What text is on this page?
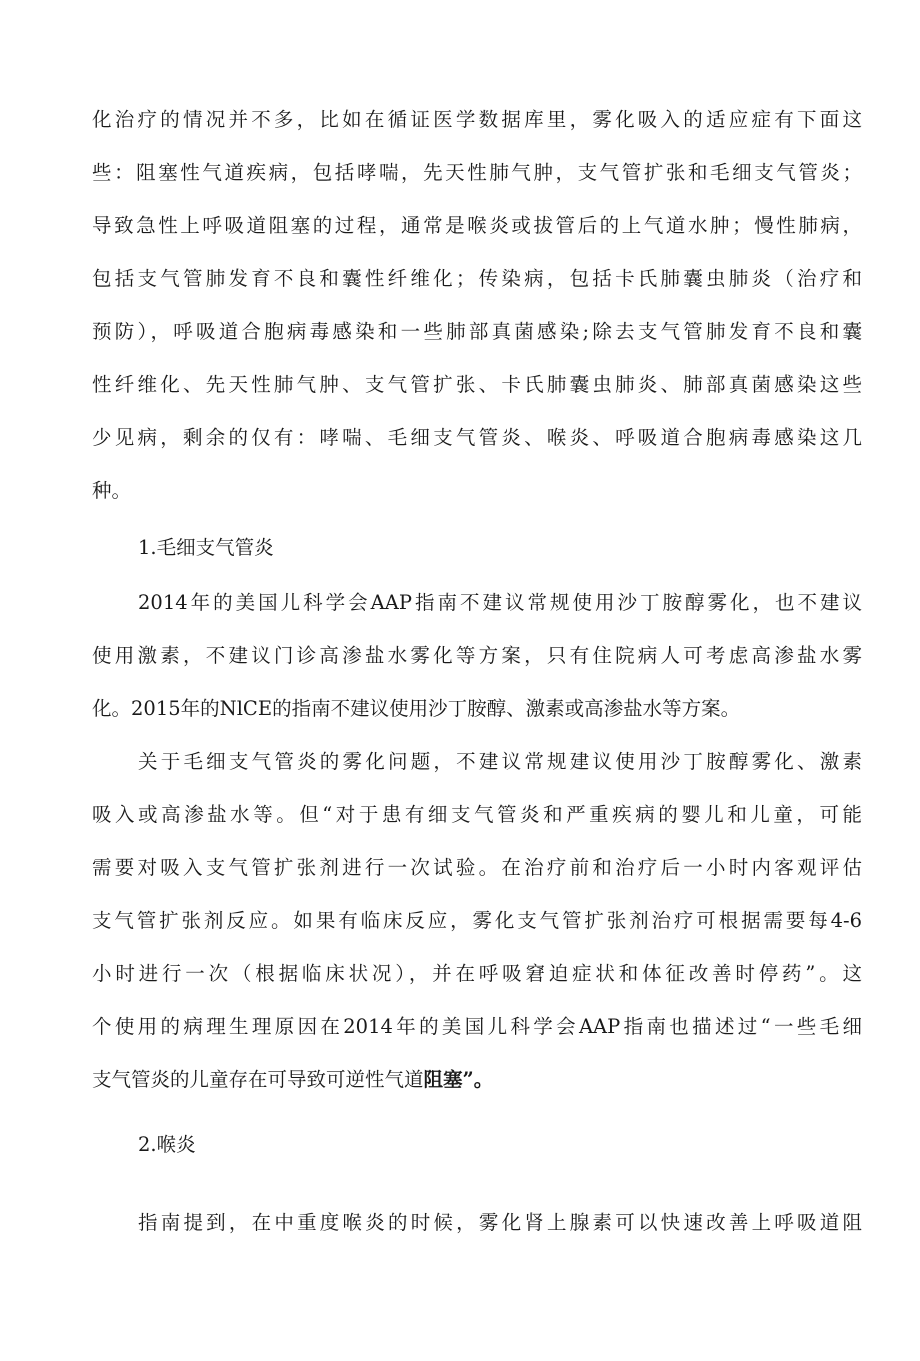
化治疗的情况并不多，比如在循证医学数据库里，雾化吸入的适应症有下面这
些：阻塞性气道疾病，包括哮喘，先天性肺气肿，支气管扩张和毛细支气管炎；
导致急性上呼吸道阻塞的过程，通常是喉炎或拔管后的上气道水肿；慢性肺病，
包括支气管肺发育不良和囊性纤维化；传染病，包括卡氏肺囊虫肺炎（治疗和
预防），呼吸道合胞病毒感染和一些肺部真菌感染;除去支气管肺发育不良和囊
性纤维化、先天性肺气肿、支气管扩张、卡氏肺囊虫肺炎、肺部真菌感染这些
少见病，剩余的仅有：哮喘、毛细支气管炎、喉炎、呼吸道合胞病毒感染这几
种。
1.毛细支气管炎
2014年的美国儿科学会AAP指南不建议常规使用沙丁胺醇雾化，也不建议
使用激素，不建议门诊高渗盐水雾化等方案，只有住院病人可考虑高渗盐水雾
化。2015年的NlCE的指南不建议使用沙丁胺醇、激素或高渗盐水等方案。
关于毛细支气管炎的雾化问题，不建议常规建议使用沙丁胺醇雾化、激素
吸入或高渗盐水等。但“对于患有细支气管炎和严重疾病的婴儿和儿童，可能
需要对吸入支气管扩张剂进行一次试验。在治疗前和治疗后一小时内客观评估
支气管扩张剂反应。如果有临床反应，雾化支气管扩张剂治疗可根据需要每4-6
小时进行一次（根据临床状况），并在呼吸窘迫症状和体征改善时停药”。这
个使用的病理生理原因在2014年的美国儿科学会AAP指南也描述过“一些毛细
支气管炎的儿童存在可导致可逆性气道阻塞”。
2.喉炎
指南提到，在中重度喉炎的时候，雾化肾上腺素可以快速改善上呼吸道阻
